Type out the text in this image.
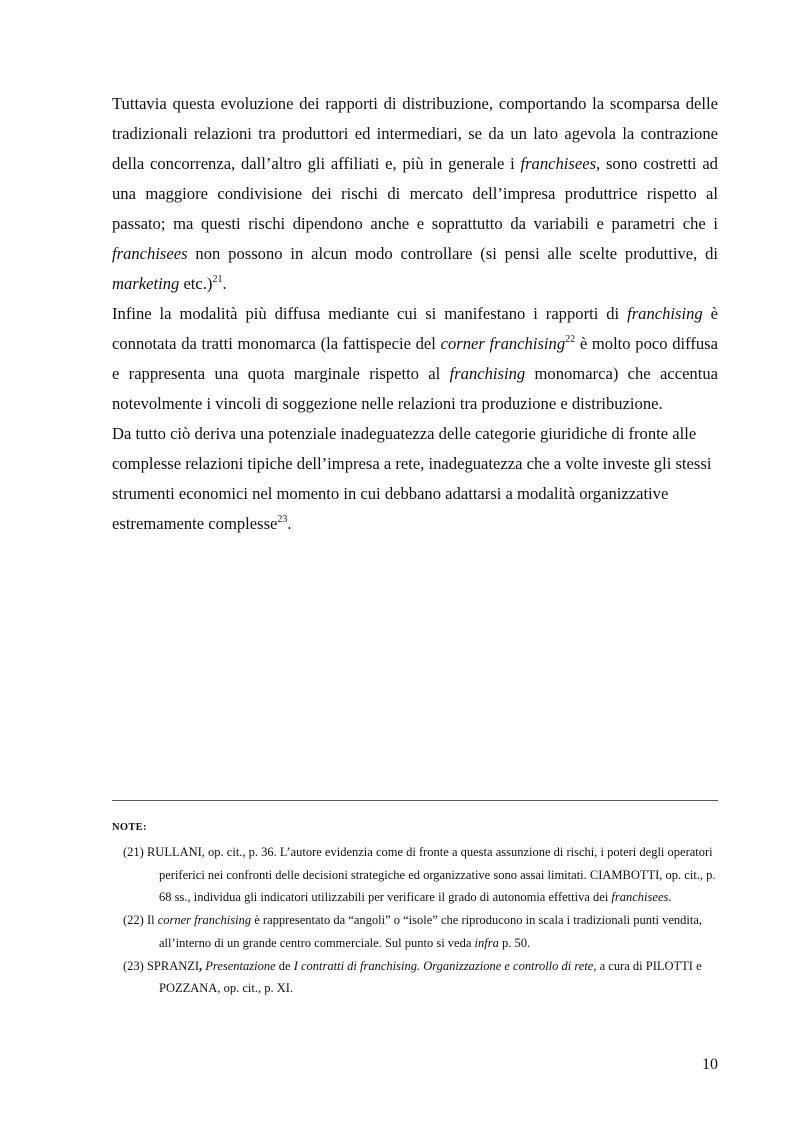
Tuttavia questa evoluzione dei rapporti di distribuzione, comportando la scomparsa delle tradizionali relazioni tra produttori ed intermediari, se da un lato agevola la contrazione della concorrenza, dall’altro gli affiliati e, più in generale i franchisees, sono costretti ad una maggiore condivisione dei rischi di mercato dell’impresa produttrice rispetto al passato; ma questi rischi dipendono anche e soprattutto da variabili e parametri che i franchisees non possono in alcun modo controllare (si pensi alle scelte produttive, di marketing etc.)$^{21}$.

Infine la modalità più diffusa mediante cui si manifestano i rapporti di franchising è connotata da tratti monomarca (la fattispecie del corner franchising$^{22}$ è molto poco diffusa e rappresenta una quota marginale rispetto al franchising monomarca) che accentua notevolmente i vincoli di soggezione nelle relazioni tra produzione e distribuzione.

Da tutto ciò deriva una potenziale inadeguatezza delle categorie giuridiche di fronte alle complesse relazioni tipiche dell’impresa a rete, inadeguatezza che a volte investe gli stessi strumenti economici nel momento in cui debbano adattarsi a modalità organizzative estremamente complesse$^{23}$.

NOTE:
(21) RULLANI, op. cit., p. 36. L’autore evidenzia come di fronte a questa assunzione di rischi, i poteri degli operatori periferici nei confronti delle decisioni strategiche ed organizzative sono assai limitati. CIAMBOTTI, op. cit., p. 68 ss., individua gli indicatori utilizzabili per verificare il grado di autonomia effettiva dei franchisees.
(22) Il corner franchising è rappresentato da “angoli” o “isole” che riproducono in scala i tradizionali punti vendita, all’interno di un grande centro commerciale. Sul punto si veda infra p. 50.
(23) SPRANZI, Presentazione de I contratti di franchising. Organizzazione e controllo di rete, a cura di PILOTTI e POZZANA, op. cit., p. XI.
10
